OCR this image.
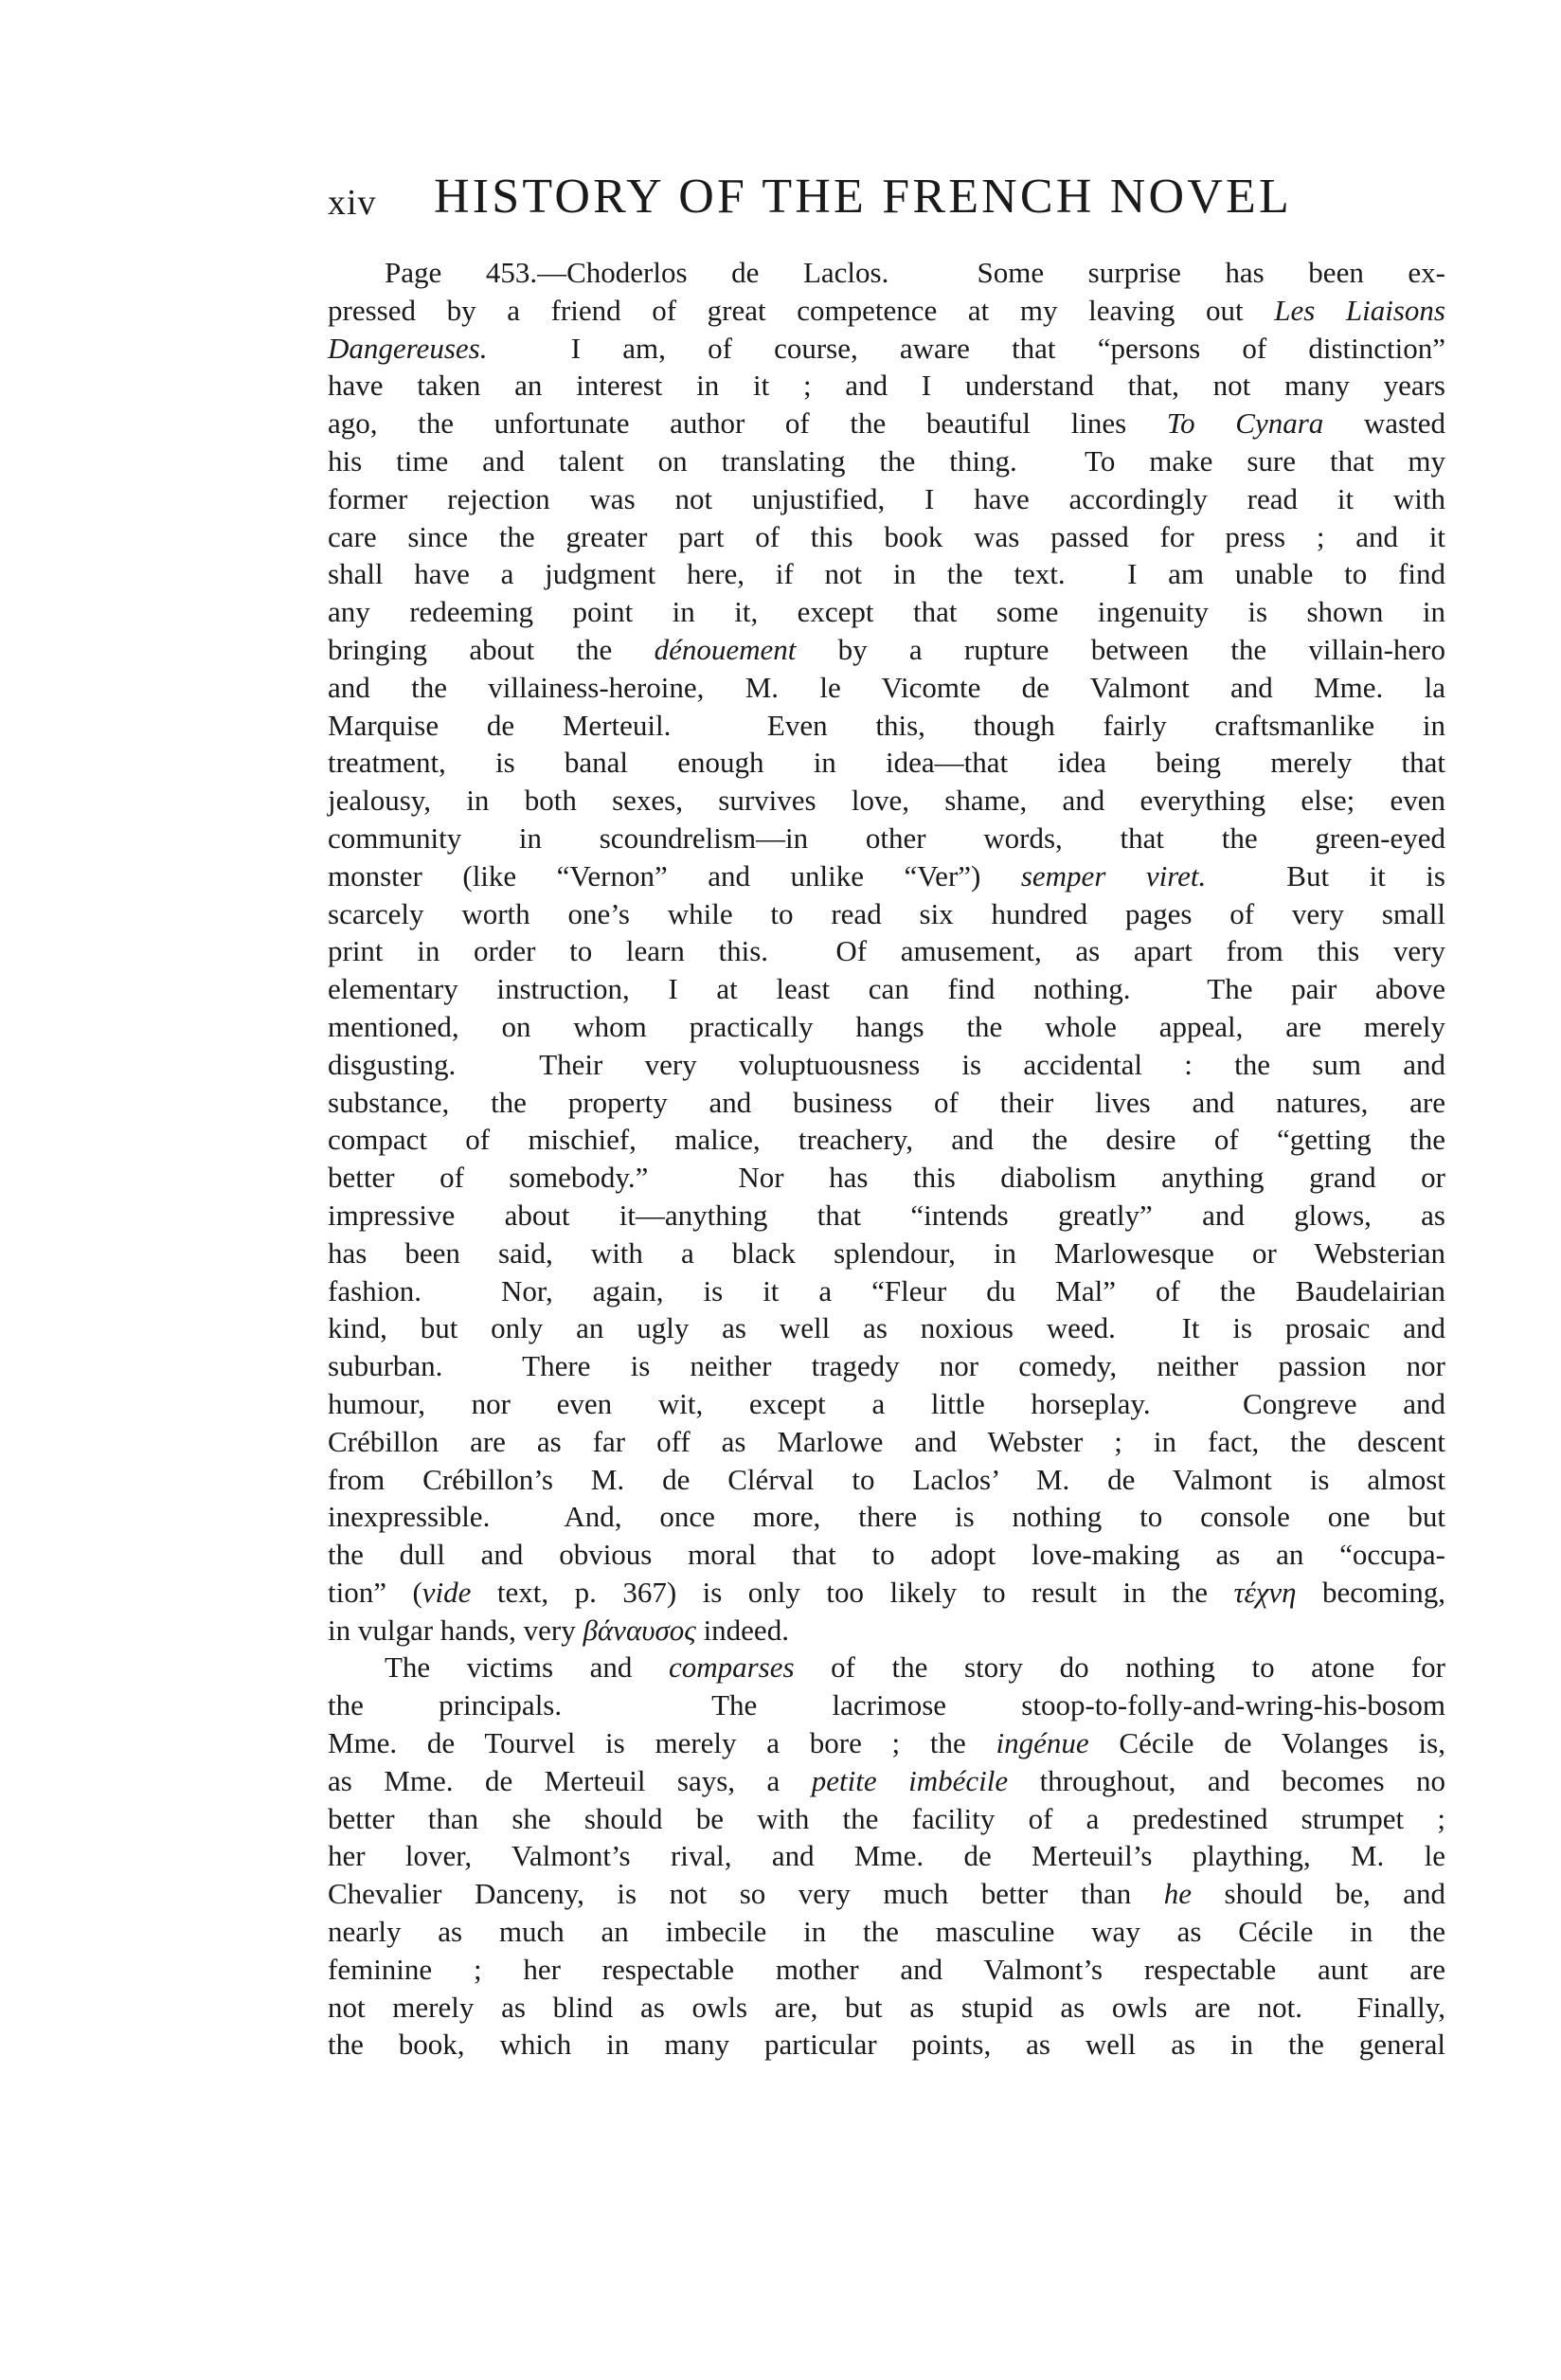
xiv HISTORY OF THE FRENCH NOVEL
Page 453.—Choderlos de Laclos.  Some surprise has been ex-
pressed by a friend of great competence at my leaving out Les Liaisons
Dangereuses.  I am, of course, aware that “persons of distinction”
have taken an interest in it ; and I understand that, not many years
ago, the unfortunate author of the beautiful lines To Cynara wasted
his time and talent on translating the thing.  To make sure that my
former rejection was not unjustified, I have accordingly read it with
care since the greater part of this book was passed for press ; and it
shall have a judgment here, if not in the text.  I am unable to find
any redeeming point in it, except that some ingenuity is shown in
bringing about the dénouement by a rupture between the villain-hero
and the villainess-heroine, M. le Vicomte de Valmont and Mme. la
Marquise de Merteuil.  Even this, though fairly craftsmanlike in
treatment, is banal enough in idea—that idea being merely that
jealousy, in both sexes, survives love, shame, and everything else; even
community in scoundrelism—in other words, that the green-eyed
monster (like “Vernon” and unlike “Ver”) semper viret.  But it is
scarcely worth one’s while to read six hundred pages of very small
print in order to learn this.  Of amusement, as apart from this very
elementary instruction, I at least can find nothing.  The pair above
mentioned, on whom practically hangs the whole appeal, are merely
disgusting.  Their very voluptuousness is accidental : the sum and
substance, the property and business of their lives and natures, are
compact of mischief, malice, treachery, and the desire of “getting the
better of somebody.”  Nor has this diabolism anything grand or
impressive about it—anything that “intends greatly” and glows, as
has been said, with a black splendour, in Marlowesque or Websterian
fashion.  Nor, again, is it a “Fleur du Mal” of the Baudelairian
kind, but only an ugly as well as noxious weed.  It is prosaic and
suburban.  There is neither tragedy nor comedy, neither passion nor
humour, nor even wit, except a little horseplay.  Congreve and
Crébillon are as far off as Marlowe and Webster ; in fact, the descent
from Crébillon’s M. de Clérval to Laclos’ M. de Valmont is almost
inexpressible.  And, once more, there is nothing to console one but
the dull and obvious moral that to adopt love-making as an “occupa-
tion” (vide text, p. 367) is only too likely to result in the τέχνη becoming,
in vulgar hands, very βάναυσος indeed.
The victims and comparses of the story do nothing to atone for
the principals.  The lacrimose stoop-to-folly-and-wring-his-bosom
Mme. de Tourvel is merely a bore ; the ingénue Cécile de Volanges is,
as Mme. de Merteuil says, a petite imbécile throughout, and becomes no
better than she should be with the facility of a predestined strumpet ;
her lover, Valmont’s rival, and Mme. de Merteuil’s plaything, M. le
Chevalier Danceny, is not so very much better than he should be, and
nearly as much an imbecile in the masculine way as Cécile in the
feminine ; her respectable mother and Valmont’s respectable aunt are
not merely as blind as owls are, but as stupid as owls are not.  Finally,
the book, which in many particular points, as well as in the general
